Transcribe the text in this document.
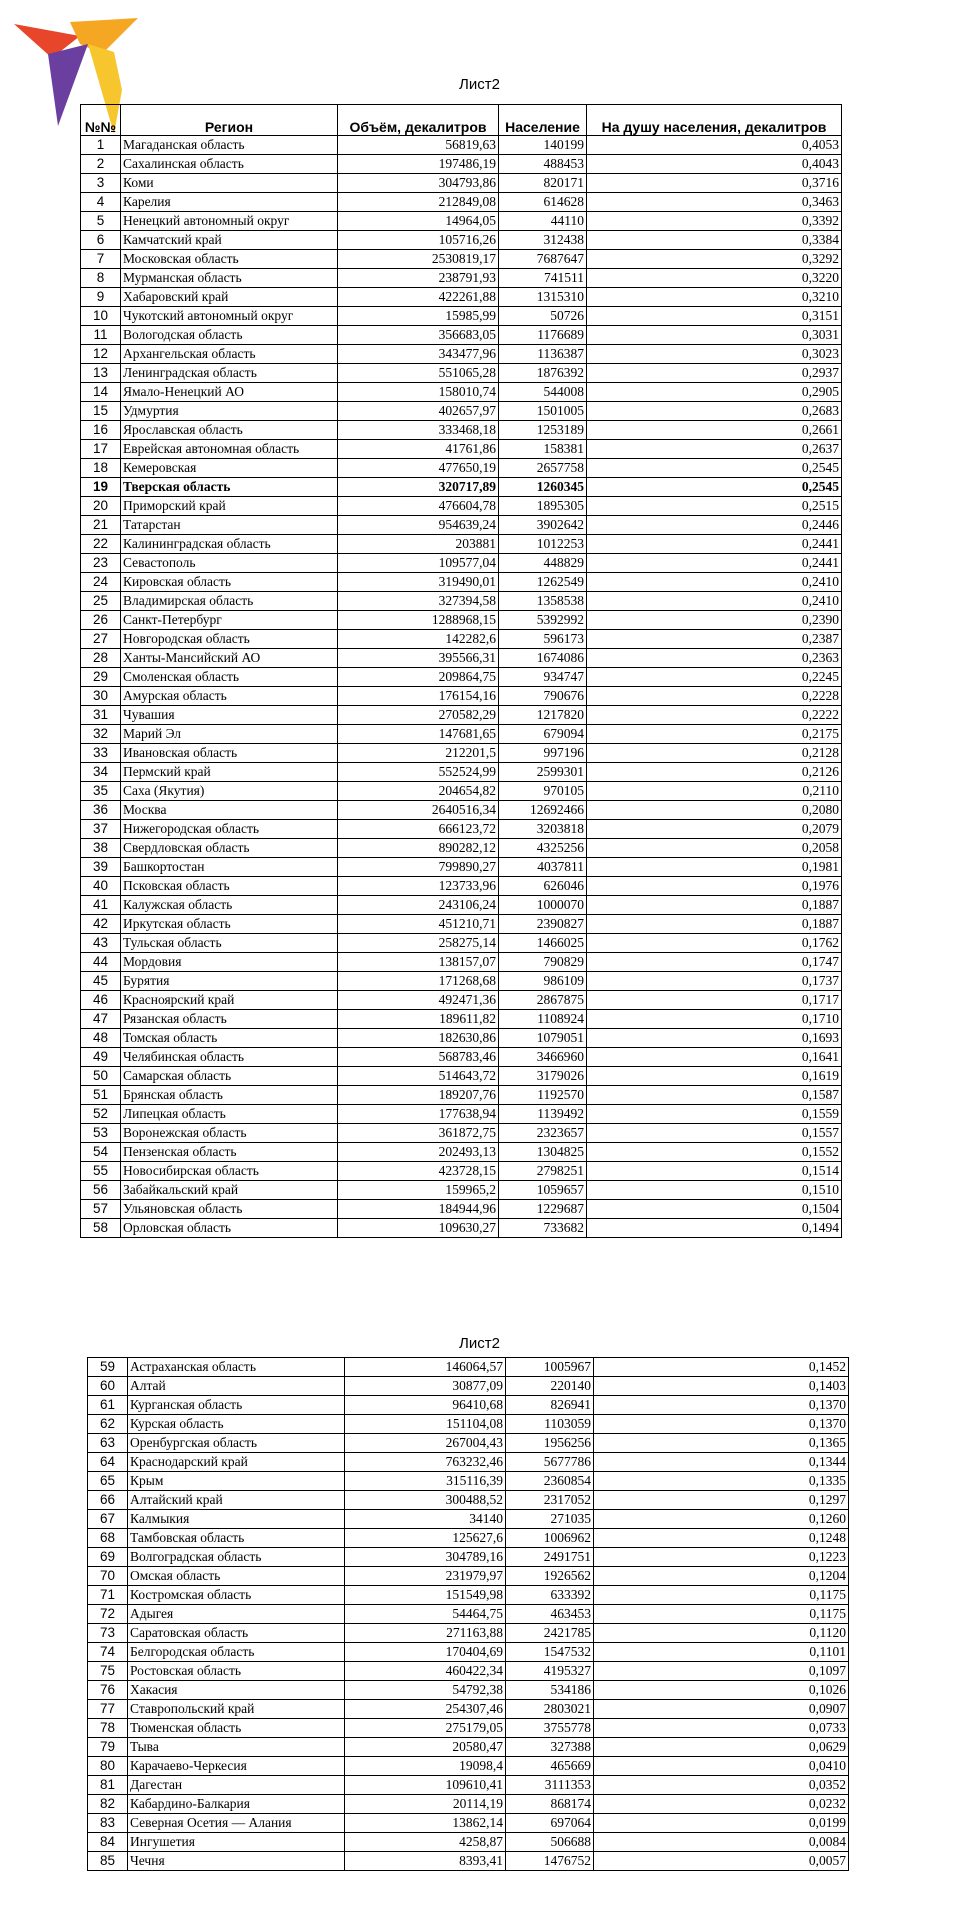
Лист2
№№	Регион	Объём, декалитров	Население	На душу населения, декалитров
1	Магаданская область	56819,63	140199	0,4053
2	Сахалинская область	197486,19	488453	0,4043
3	Коми	304793,86	820171	0,3716
4	Карелия	212849,08	614628	0,3463
5	Ненецкий автономный округ	14964,05	44110	0,3392
6	Камчатский край	105716,26	312438	0,3384
7	Московская область	2530819,17	7687647	0,3292
8	Мурманская область	238791,93	741511	0,3220
9	Хабаровский край	422261,88	1315310	0,3210
10	Чукотский автономный округ	15985,99	50726	0,3151
11	Вологодская область	356683,05	1176689	0,3031
12	Архангельская область	343477,96	1136387	0,3023
13	Ленинградская область	551065,28	1876392	0,2937
14	Ямало-Ненецкий АО	158010,74	544008	0,2905
15	Удмуртия	402657,97	1501005	0,2683
16	Ярославская область	333468,18	1253189	0,2661
17	Еврейская автономная область	41761,86	158381	0,2637
18	Кемеровская	477650,19	2657758	0,2545
19	Тверская область	320717,89	1260345	0,2545
20	Приморский край	476604,78	1895305	0,2515
21	Татарстан	954639,24	3902642	0,2446
22	Калининградская область	203881	1012253	0,2441
23	Севастополь	109577,04	448829	0,2441
24	Кировская область	319490,01	1262549	0,2410
25	Владимирская область	327394,58	1358538	0,2410
26	Санкт-Петербург	1288968,15	5392992	0,2390
27	Новгородская область	142282,6	596173	0,2387
28	Ханты-Мансийский АО	395566,31	1674086	0,2363
29	Смоленская область	209864,75	934747	0,2245
30	Амурская область	176154,16	790676	0,2228
31	Чувашия	270582,29	1217820	0,2222
32	Марий Эл	147681,65	679094	0,2175
33	Ивановская область	212201,5	997196	0,2128
34	Пермский край	552524,99	2599301	0,2126
35	Саха (Якутия)	204654,82	970105	0,2110
36	Москва	2640516,34	12692466	0,2080
37	Нижегородская область	666123,72	3203818	0,2079
38	Свердловская область	890282,12	4325256	0,2058
39	Башкортостан	799890,27	4037811	0,1981
40	Псковская область	123733,96	626046	0,1976
41	Калужская область	243106,24	1000070	0,1887
42	Иркутская область	451210,71	2390827	0,1887
43	Тульская область	258275,14	1466025	0,1762
44	Мордовия	138157,07	790829	0,1747
45	Бурятия	171268,68	986109	0,1737
46	Красноярский край	492471,36	2867875	0,1717
47	Рязанская область	189611,82	1108924	0,1710
48	Томская область	182630,86	1079051	0,1693
49	Челябинская область	568783,46	3466960	0,1641
50	Самарская область	514643,72	3179026	0,1619
51	Брянская область	189207,76	1192570	0,1587
52	Липецкая область	177638,94	1139492	0,1559
53	Воронежская область	361872,75	2323657	0,1557
54	Пензенская область	202493,13	1304825	0,1552
55	Новосибирская область	423728,15	2798251	0,1514
56	Забайкальский край	159965,2	1059657	0,1510
57	Ульяновская область	184944,96	1229687	0,1504
58	Орловская область	109630,27	733682	0,1494
Лист2
59	Астраханская область	146064,57	1005967	0,1452
60	Алтай	30877,09	220140	0,1403
61	Курганская область	96410,68	826941	0,1370
62	Курская область	151104,08	1103059	0,1370
63	Оренбургская область	267004,43	1956256	0,1365
64	Краснодарский край	763232,46	5677786	0,1344
65	Крым	315116,39	2360854	0,1335
66	Алтайский край	300488,52	2317052	0,1297
67	Калмыкия	34140	271035	0,1260
68	Тамбовская область	125627,6	1006962	0,1248
69	Волгоградская область	304789,16	2491751	0,1223
70	Омская область	231979,97	1926562	0,1204
71	Костромская область	151549,98	633392	0,1175
72	Адыгея	54464,75	463453	0,1175
73	Саратовская область	271163,88	2421785	0,1120
74	Белгородская область	170404,69	1547532	0,1101
75	Ростовская область	460422,34	4195327	0,1097
76	Хакасия	54792,38	534186	0,1026
77	Ставропольский край	254307,46	2803021	0,0907
78	Тюменская область	275179,05	3755778	0,0733
79	Тыва	20580,47	327388	0,0629
80	Карачаево-Черкесия	19098,4	465669	0,0410
81	Дагестан	109610,41	3111353	0,0352
82	Кабардино-Балкария	20114,19	868174	0,0232
83	Северная Осетия — Алания	13862,14	697064	0,0199
84	Ингушетия	4258,87	506688	0,0084
85	Чечня	8393,41	1476752	0,0057
